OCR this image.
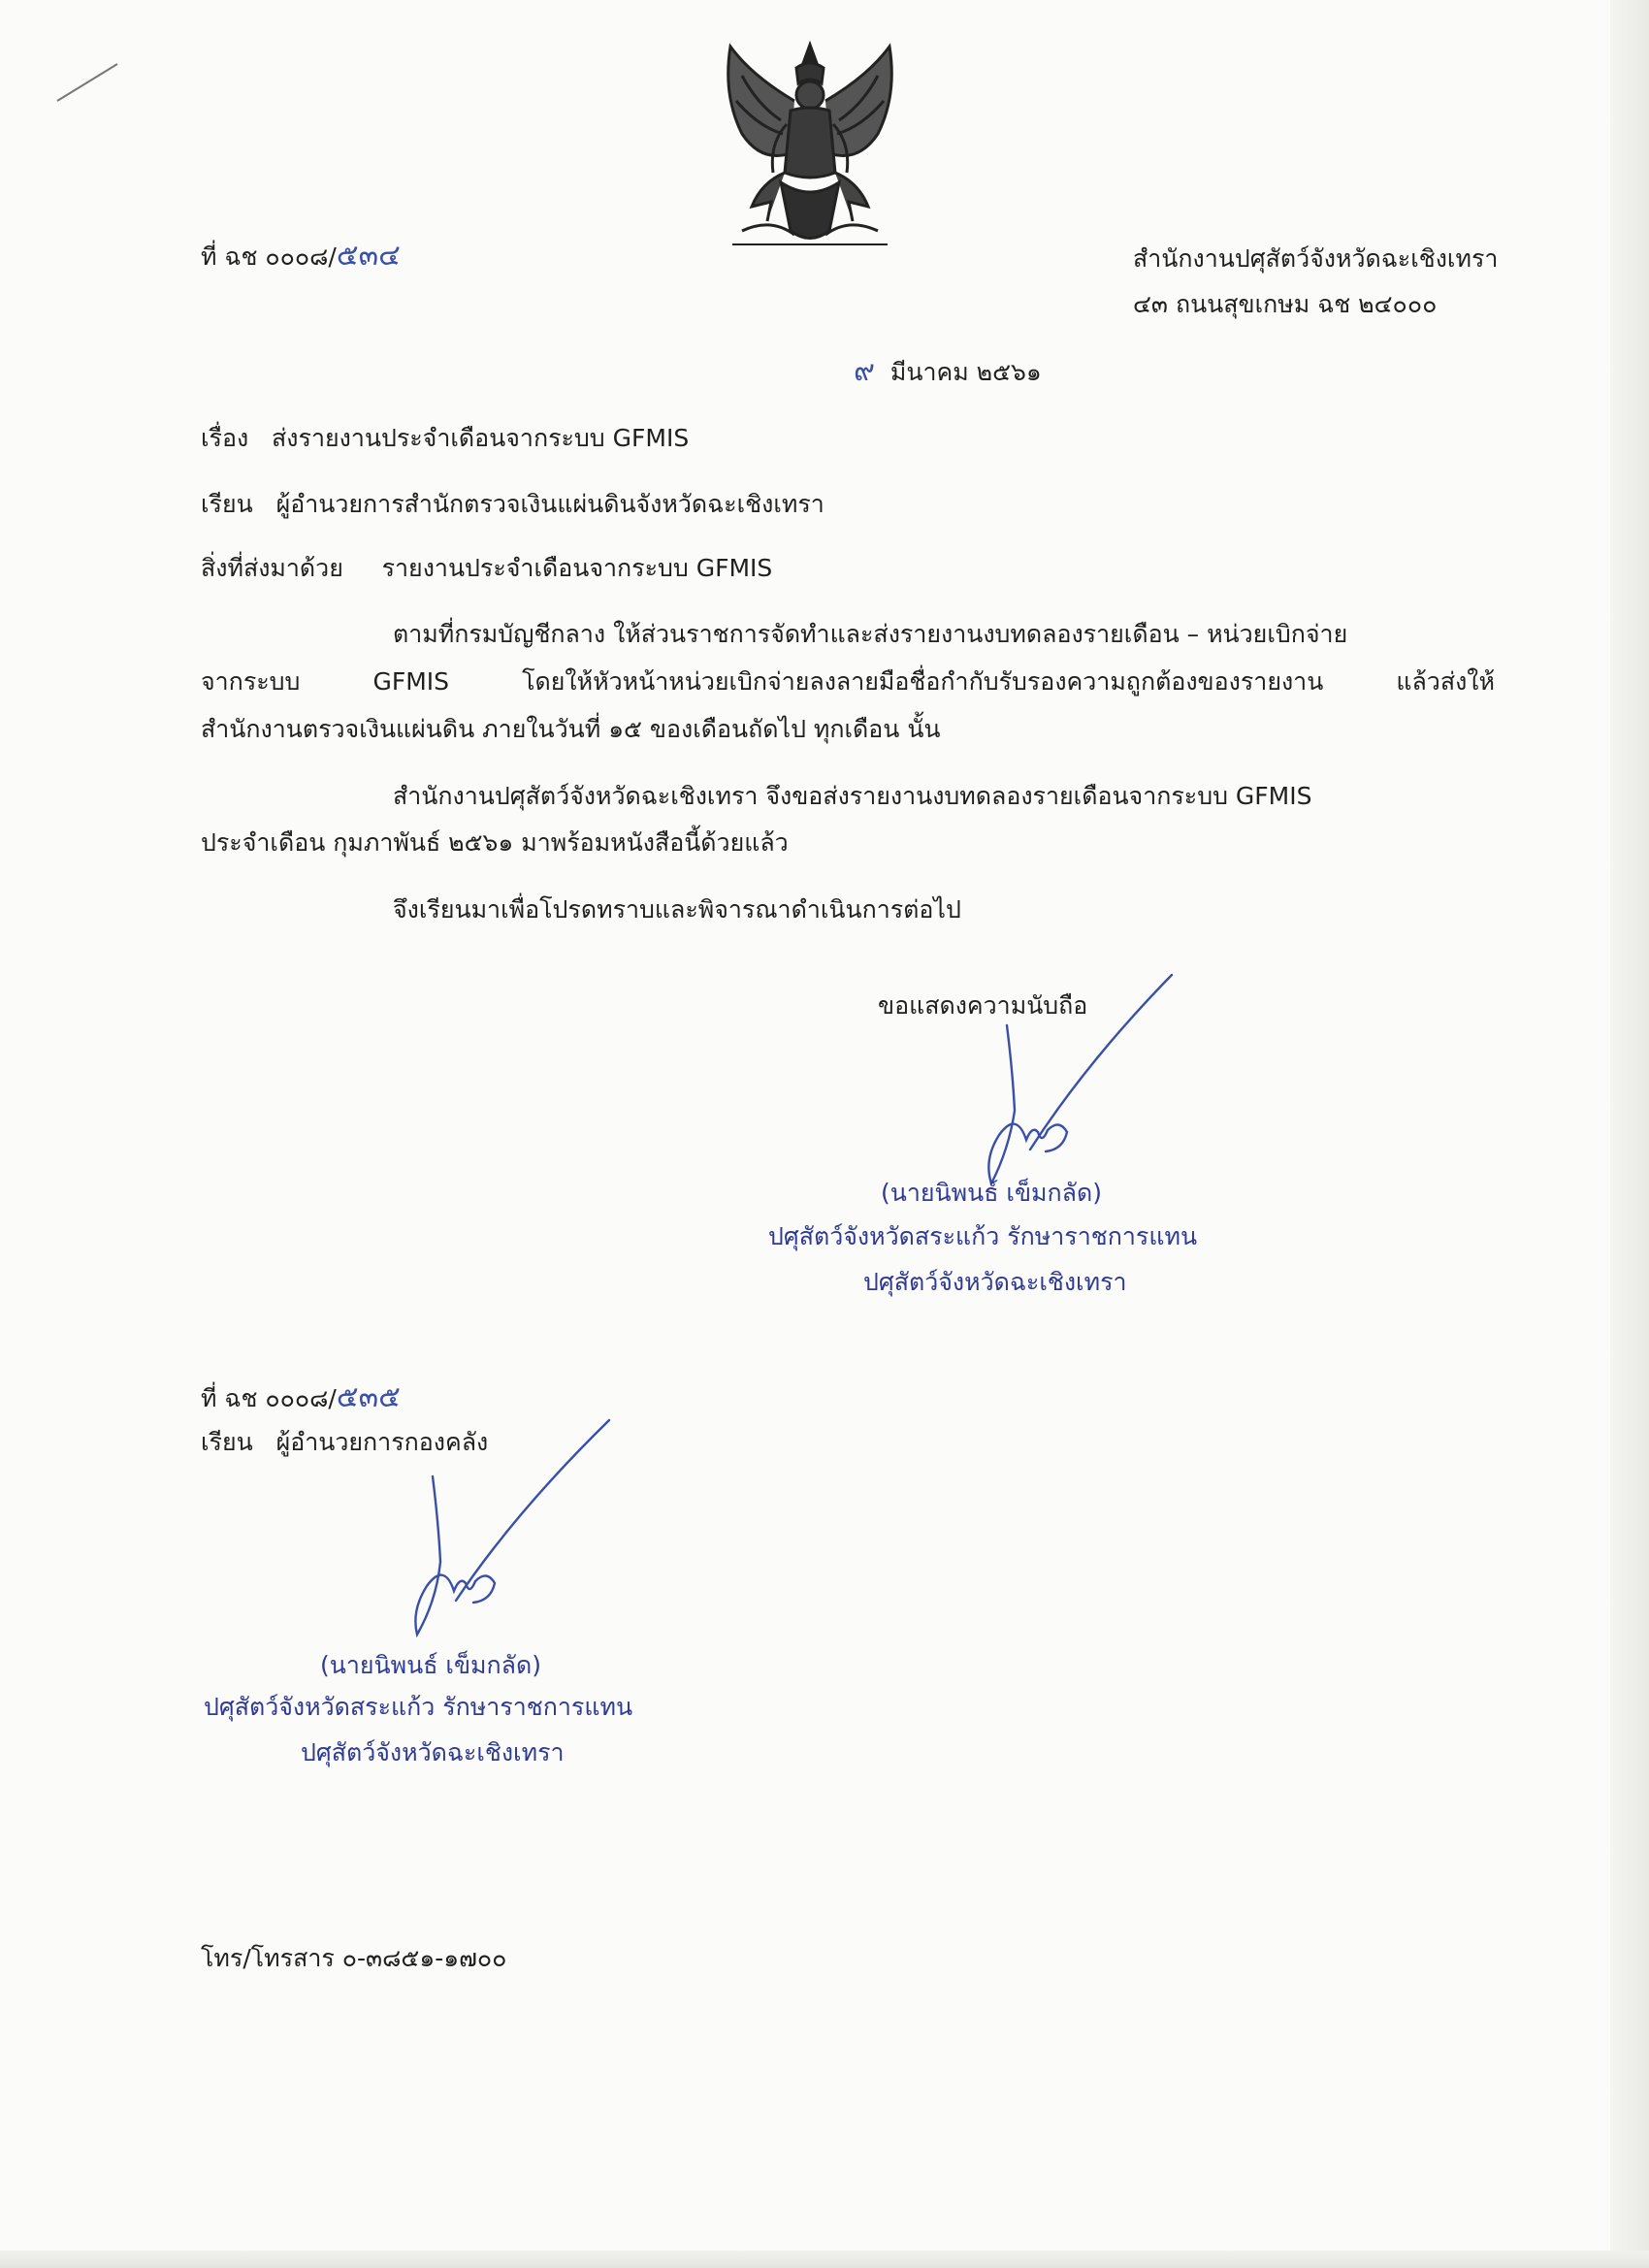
ที่ ฉช ๐๐๐๘/๕๓๔	สำนักงานปศุสัตว์จังหวัดฉะเชิงเทรา
๔๓ ถนนสุขเกษม ฉช ๒๔๐๐๐
๙ มีนาคม ๒๕๖๑
เรื่อง ส่งรายงานประจำเดือนจากระบบ GFMIS
เรียน ผู้อำนวยการสำนักตรวจเงินแผ่นดินจังหวัดฉะเชิงเทรา
สิ่งที่ส่งมาด้วย รายงานประจำเดือนจากระบบ GFMIS
ตามที่กรมบัญชีกลาง ให้ส่วนราชการจัดทำและส่งรายงานงบทดลองรายเดือน – หน่วยเบิกจ่าย
จากระบบ GFMIS โดยให้หัวหน้าหน่วยเบิกจ่ายลงลายมือชื่อกำกับรับรองความถูกต้องของรายงาน แล้วส่งให้
สำนักงานตรวจเงินแผ่นดิน ภายในวันที่ ๑๕ ของเดือนถัดไป ทุกเดือน นั้น
สำนักงานปศุสัตว์จังหวัดฉะเชิงเทรา จึงขอส่งรายงานงบทดลองรายเดือนจากระบบ GFMIS
ประจำเดือน กุมภาพันธ์ ๒๕๖๑ มาพร้อมหนังสือนี้ด้วยแล้ว
จึงเรียนมาเพื่อโปรดทราบและพิจารณาดำเนินการต่อไป
ขอแสดงความนับถือ
(นายนิพนธ์ เข็มกลัด)
ปศุสัตว์จังหวัดสระแก้ว รักษาราชการแทน
ปศุสัตว์จังหวัดฉะเชิงเทรา
ที่ ฉช ๐๐๐๘/๕๓๕
เรียน ผู้อำนวยการกองคลัง
(นายนิพนธ์ เข็มกลัด)
ปศุสัตว์จังหวัดสระแก้ว รักษาราชการแทน
ปศุสัตว์จังหวัดฉะเชิงเทรา
โทร/โทรสาร ๐-๓๘๕๑-๑๗๐๐
